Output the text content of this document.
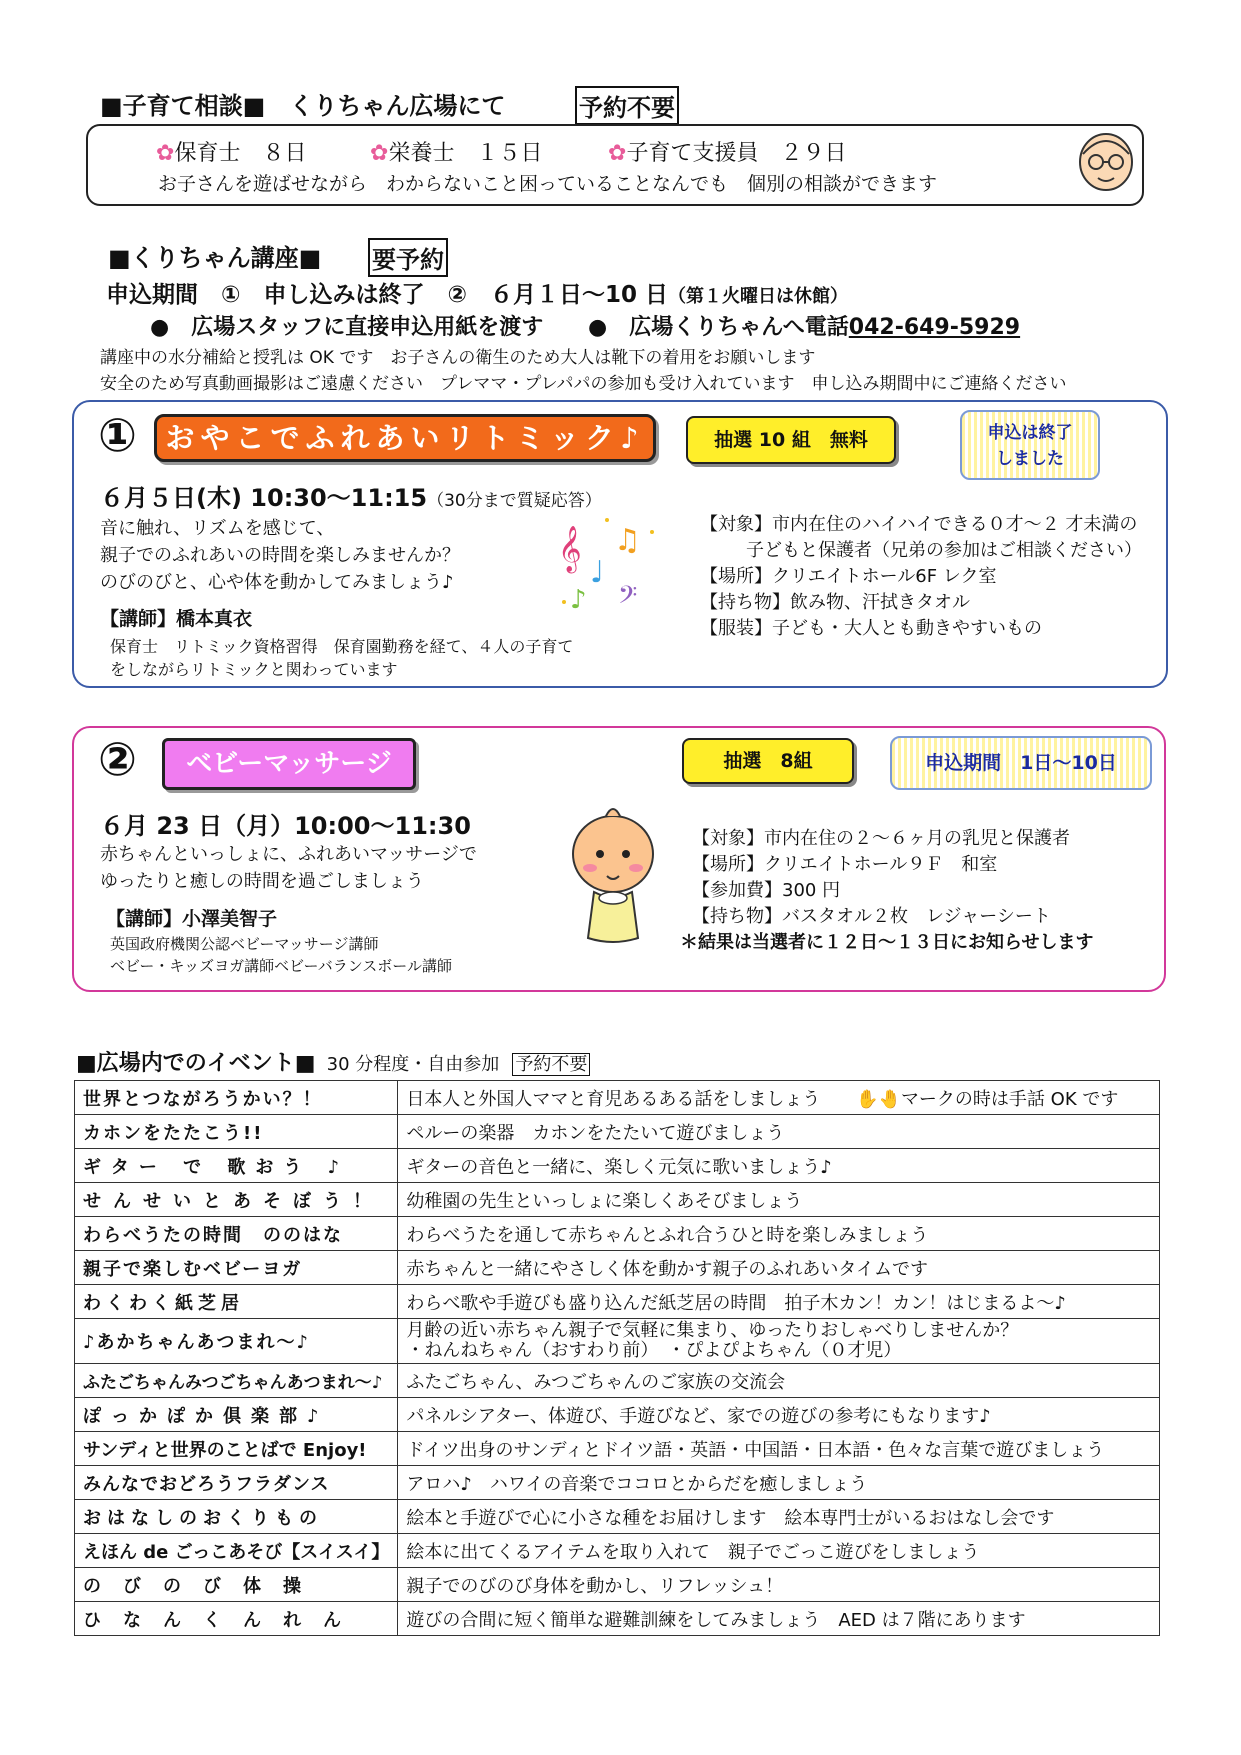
■子育て相談■　くりちゃん広場にて	予約不要
✿保育士　８日	✿栄養士　１５日	✿子育て支援員　２９日
お子さんを遊ばせながら　わからないこと困っていることなんでも　個別の相談ができます
■くりちゃん講座■ 要予約
申込期間　①　申し込みは終了　②　６月１日～10 日（第１火曜日は休館）
●　広場スタッフに直接申込用紙を渡す ●　広場くりちゃんへ電話042-649-5929
講座中の水分補給と授乳は OK です　お子さんの衛生のため大人は靴下の着用をお願いします
安全のため写真動画撮影はご遠慮ください　プレママ・プレパパの参加も受け入れています　申し込み期間中にご連絡ください
① おやこでふれあいリトミック♪	抽選 10 組　無料	申込は終了
しました
６月５日(木) 10:30～11:15（30分まで質疑応答）
音に触れ、リズムを感じて、
親子でのふれあいの時間を楽しみませんか？
のびのびと、心や体を動かしてみましょう♪
【講師】橋本真衣
保育士　リトミック資格習得　保育園勤務を経て、４人の子育て
をしながらリトミックと関わっています
𝄞 ♫
♩
♪ 𝄢
【対象】市内在住のハイハイできる０才～２ 才未満の
子どもと保護者（兄弟の参加はご相談ください）
【場所】クリエイトホール6F レク室
【持ち物】飲み物、汗拭きタオル
【服装】子ども・大人とも動きやすいもの
②	ベビーマッサージ	抽選　8組	申込期間　1日～10日
６月 23 日（月）10:00～11:30
赤ちゃんといっしょに、ふれあいマッサージで
ゆったりと癒しの時間を過ごしましょう
【講師】小澤美智子
英国政府機関公認ベビーマッサージ講師
ベビー・キッズヨガ講師ベビーバランスボール講師
【対象】市内在住の２～６ヶ月の乳児と保護者
【場所】クリエイトホール９Ｆ　和室
【参加費】300 円
【持ち物】バスタオル２枚　レジャーシート
＊結果は当選者に１２日～１３日にお知らせします
■広場内でのイベント■ 30 分程度・自由参加 予約不要
世界とつながろうかい？！	日本人と外国人ママと育児あるある話をしましょう ✋🤚マークの時は手話 OK です
カホンをたたこう!!	ペルーの楽器　カホンをたたいて遊びましょう
ギター で 歌おう ♪	ギターの音色と一緒に、楽しく元気に歌いましょう♪
せんせいとあそぼう！	幼稚園の先生といっしょに楽しくあそびましょう
わらべうたの時間　ののはな	わらべうたを通して赤ちゃんとふれ合うひと時を楽しみましょう
親子で楽しむベビーヨガ	赤ちゃんと一緒にやさしく体を動かす親子のふれあいタイムです
わくわく紙芝居	わらべ歌や手遊びも盛り込んだ紙芝居の時間　拍子木カン！カン！はじまるよ～♪
♪あかちゃんあつまれ～♪	月齢の近い赤ちゃん親子で気軽に集まり、ゆったりおしゃべりしませんか？
・ねんねちゃん（おすわり前）　・ぴよぴよちゃん（０才児）

ふたごちゃんみつごちゃんあつまれ～♪	ふたごちゃん、みつごちゃんのご家族の交流会
ぽっかぽか倶楽部♪	パネルシアター、体遊び、手遊びなど、家での遊びの参考にもなります♪
サンディと世界のことばで Enjoy!	ドイツ出身のサンディとドイツ語・英語・中国語・日本語・色々な言葉で遊びましょう
みんなでおどろうフラダンス	アロハ♪　ハワイの音楽でココロとからだを癒しましょう
おはなしのおくりもの	絵本と手遊びで心に小さな種をお届けします　絵本専門士がいるおはなし会です
えほん de ごっこあそび【スイスイ】	絵本に出てくるアイテムを取り入れて　親子でごっこ遊びをしましょう
のびのび体操	親子でのびのび身体を動かし、リフレッシュ！
ひなんくんれん	遊びの合間に短く簡単な避難訓練をしてみましょう　AED は７階にあります
